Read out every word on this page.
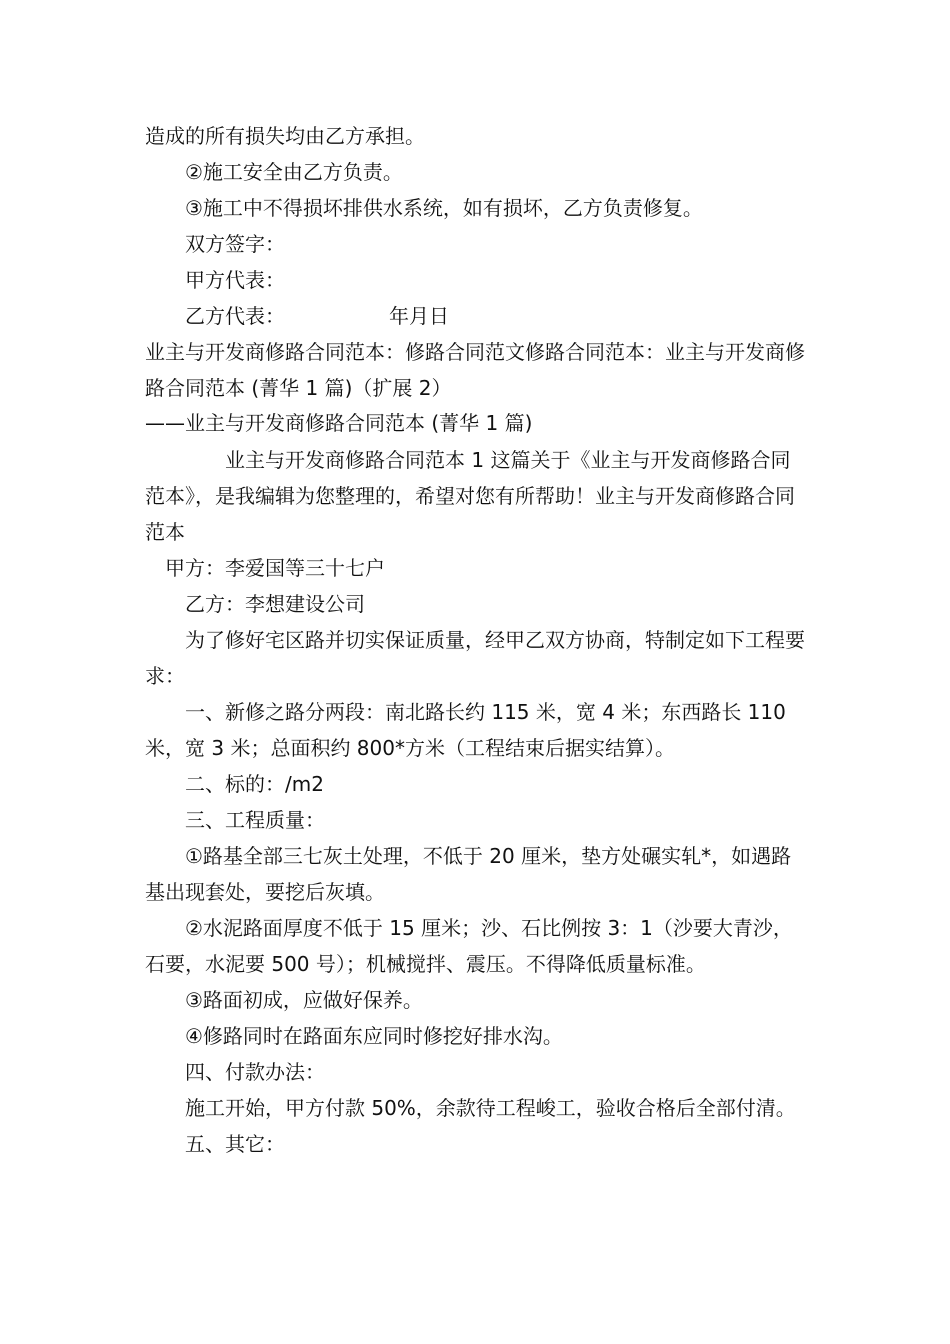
造成的所有损失均由乙方承担。

②施工安全由乙方负责。

③施工中不得损坏排供水系统，如有损坏，乙方负责修复。

双方签字：

甲方代表：

乙方代表：	年月日

业主与开发商修路合同范本：修路合同范文修路合同范本：业主与开发商修路合同范本 (菁华 1 篇)（扩展 2）

——业主与开发商修路合同范本 (菁华 1 篇)

业主与开发商修路合同范本 1 这篇关于《业主与开发商修路合同范本》，是我编辑为您整理的，希望对您有所帮助！业主与开发商修路合同范本

甲方：李爱国等三十七户

乙方：李想建设公司

为了修好宅区路并切实保证质量，经甲乙双方协商，特制定如下工程要求：

一、新修之路分两段：南北路长约 115 米，宽 4 米；东西路长 110 米，宽 3 米；总面积约 800*方米（工程结束后据实结算）。

二、标的：/m2

三、工程质量：

①路基全部三七灰土处理，不低于 20 厘米，垫方处碾实轧*，如遇路基出现套处，要挖后灰填。

②水泥路面厚度不低于 15 厘米；沙、石比例按 3：1（沙要大青沙，石要，水泥要 500 号）；机械搅拌、震压。不得降低质量标准。

③路面初成，应做好保养。

④修路同时在路面东应同时修挖好排水沟。

四、付款办法：

施工开始，甲方付款 50%，余款待工程峻工，验收合格后全部付清。

五、其它：
